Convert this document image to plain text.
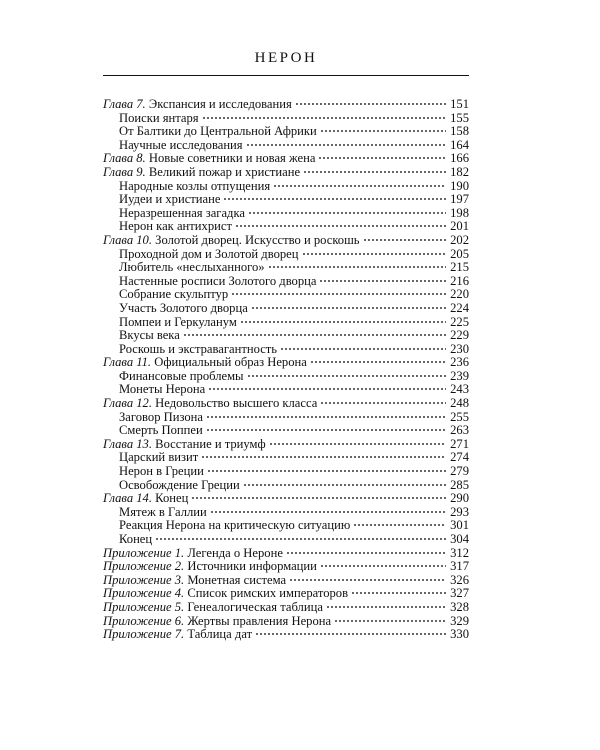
НЕРОН
Глава 7. Экспансия и исследования	151
Поиски янтаря	155
От Балтики до Центральной Африки	158
Научные исследования	164
Глава 8. Новые советники и новая жена	166
Глава 9. Великий пожар и христиане	182
Народные козлы отпущения	190
Иудеи и христиане	197
Неразрешенная загадка	198
Нерон как антихрист	201
Глава 10. Золотой дворец. Искусство и роскошь	202
Проходной дом и Золотой дворец	205
Любитель «неслыханного»	215
Настенные росписи Золотого дворца	216
Собрание скульптур	220
Участь Золотого дворца	224
Помпеи и Геркуланум	225
Вкусы века	229
Роскошь и экстравагантность	230
Глава 11. Официальный образ Нерона	236
Финансовые проблемы	239
Монеты Нерона	243
Глава 12. Недовольство высшего класса	248
Заговор Пизона	255
Смерть Поппеи	263
Глава 13. Восстание и триумф	271
Царский визит	274
Нерон в Греции	279
Освобождение Греции	285
Глава 14. Конец	290
Мятеж в Галлии	293
Реакция Нерона на критическую ситуацию	301
Конец	304
Приложение 1. Легенда о Нероне	312
Приложение 2. Источники информации	317
Приложение 3. Монетная система	326
Приложение 4. Список римских императоров	327
Приложение 5. Генеалогическая таблица	328
Приложение 6. Жертвы правления Нерона	329
Приложение 7. Таблица дат	330
